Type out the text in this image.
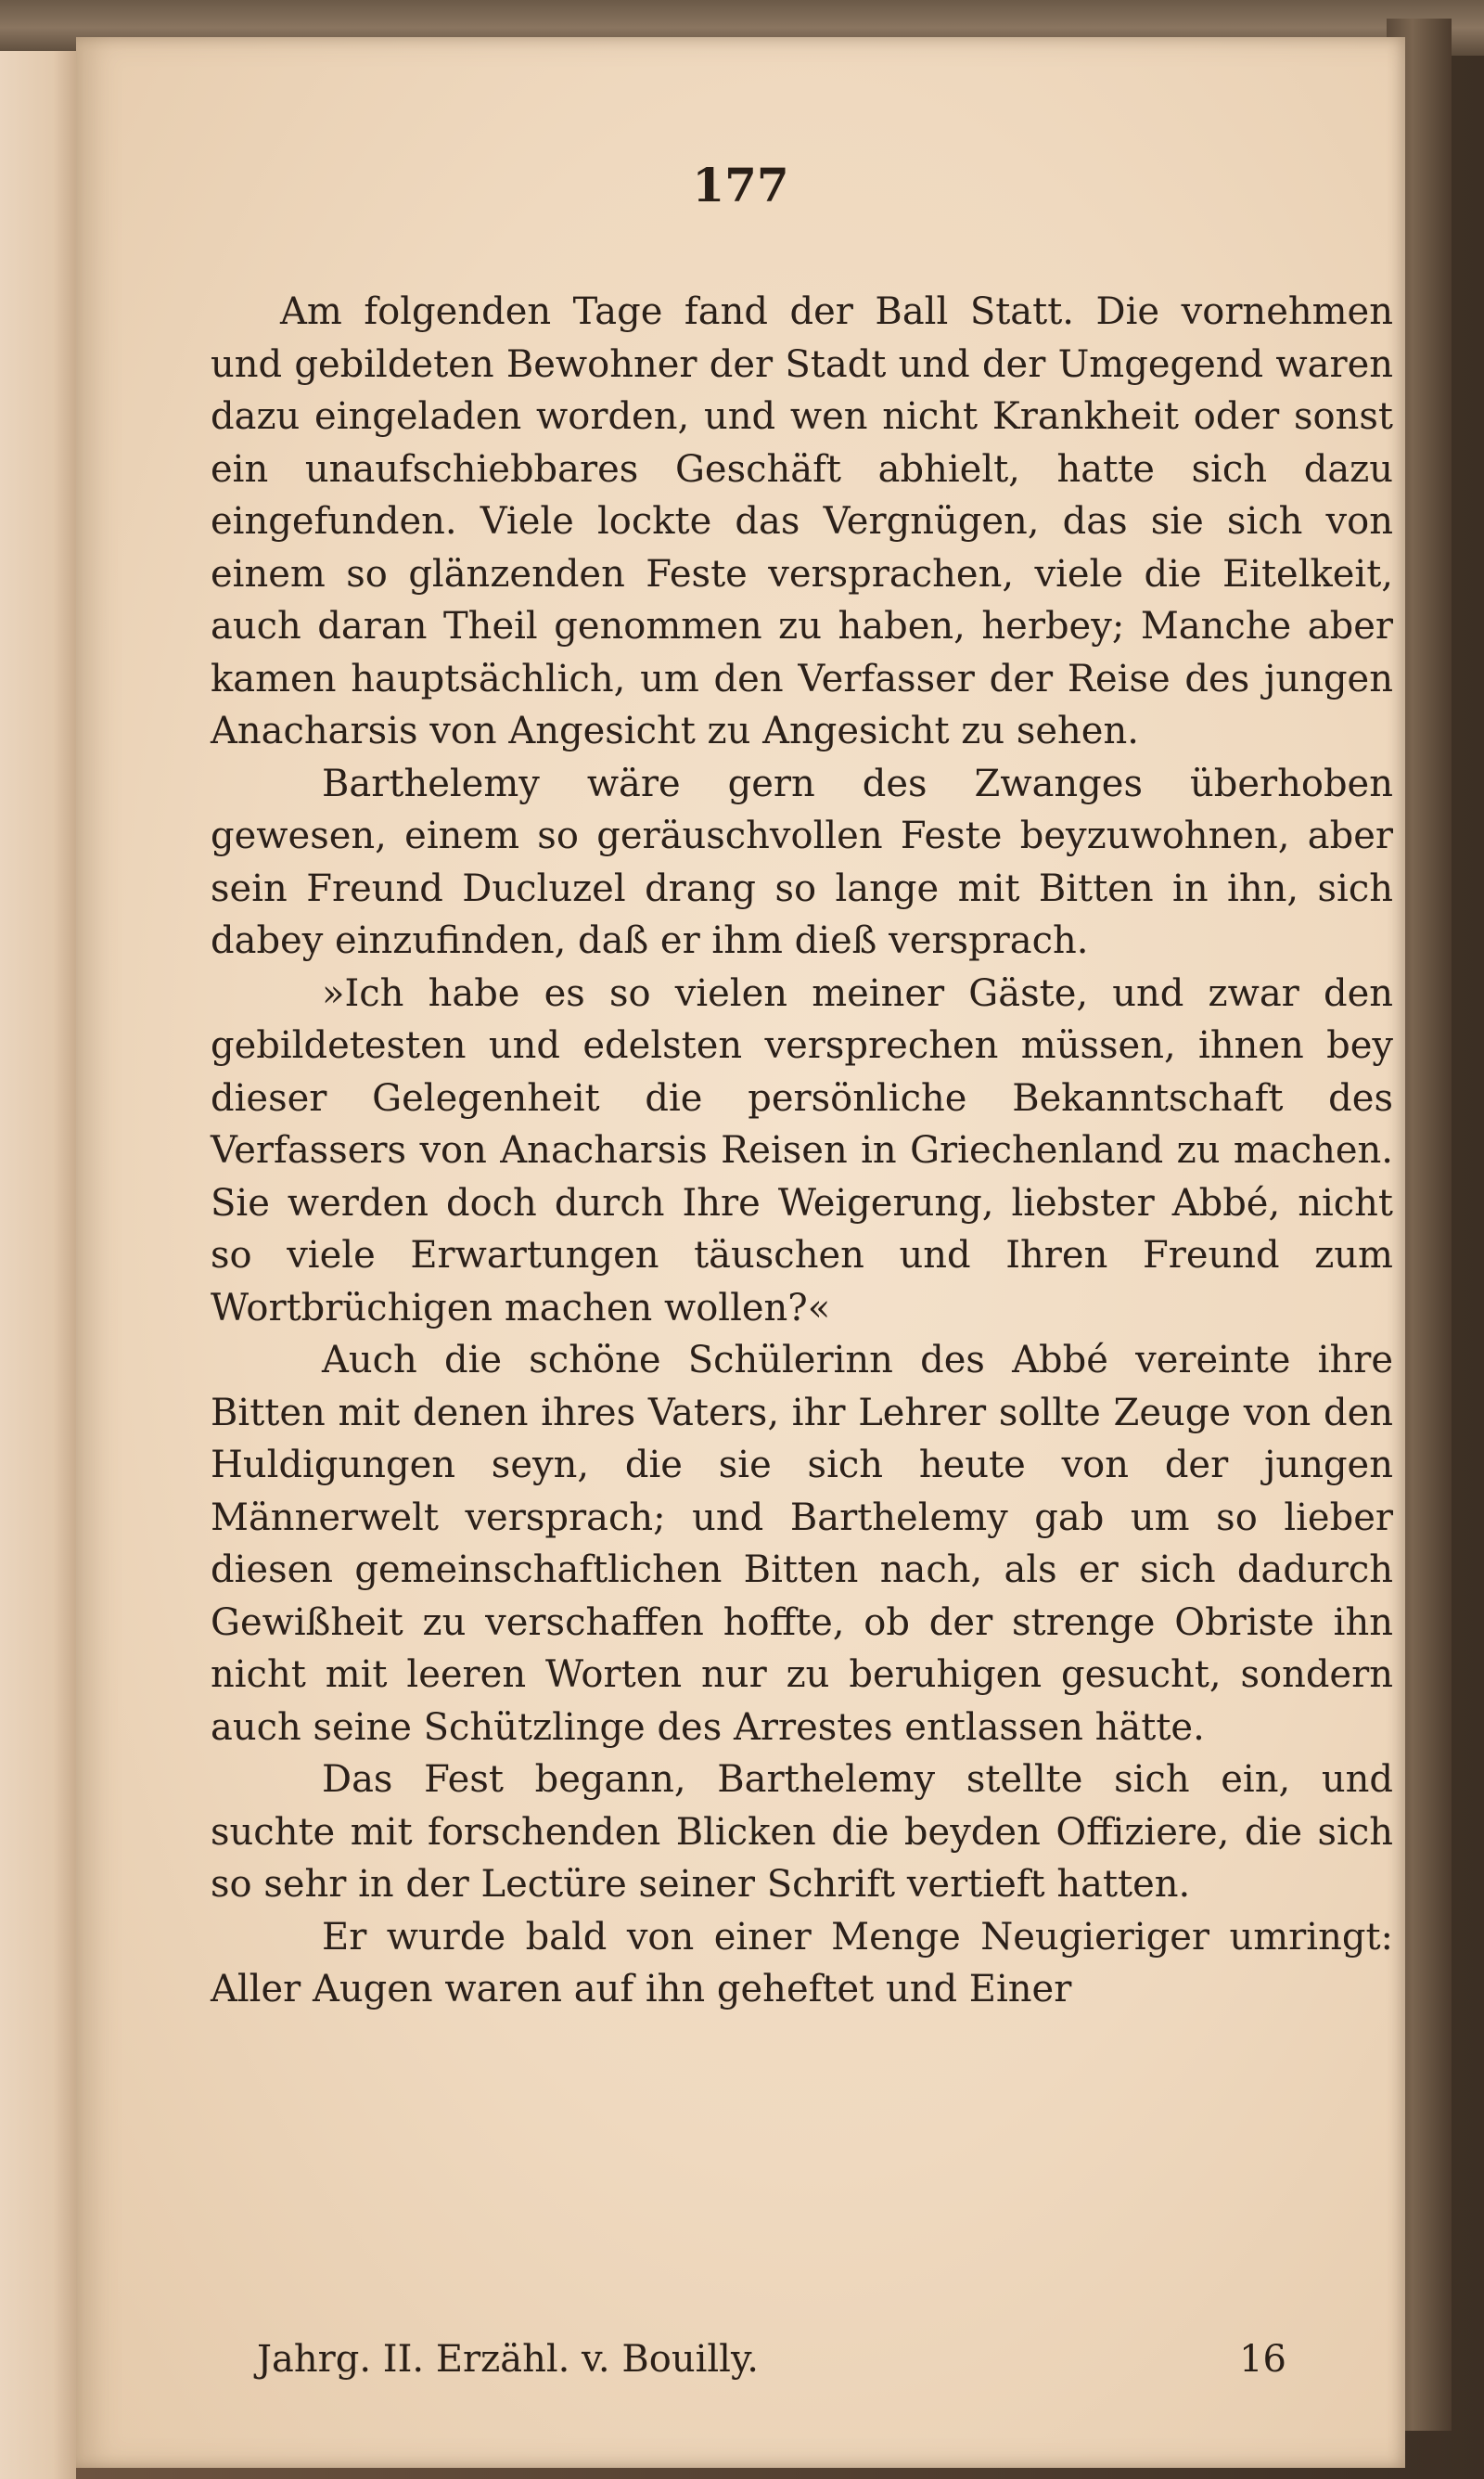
177

Am folgenden Tage fand der Ball Statt. Die vornehmen und gebildeten Bewohner der Stadt und der Umgegend waren dazu eingeladen worden, und wen nicht Krankheit oder sonst ein unaufschiebbares Geschäft abhielt, hatte sich dazu eingefunden. Viele lockte das Vergnügen, das sie sich von einem so glänzenden Feste versprachen, viele die Eitelkeit, auch daran Theil genommen zu haben, herbey; Manche aber kamen hauptsächlich, um den Verfasser der Reise des jungen Anacharsis von Angesicht zu Angesicht zu sehen.

Barthelemy wäre gern des Zwanges überhoben gewesen, einem so geräuschvollen Feste beyzuwohnen, aber sein Freund Ducluzel drang so lange mit Bitten in ihn, sich dabey einzufinden, daß er ihm dieß versprach.

»Ich habe es so vielen meiner Gäste, und zwar den gebildetesten und edelsten versprechen müssen, ihnen bey dieser Gelegenheit die persönliche Bekanntschaft des Verfassers von Anacharsis Reisen in Griechenland zu machen. Sie werden doch durch Ihre Weigerung, liebster Abbé, nicht so viele Erwartungen täuschen und Ihren Freund zum Wortbrüchigen machen wollen?«

Auch die schöne Schülerinn des Abbé vereinte ihre Bitten mit denen ihres Vaters, ihr Lehrer sollte Zeuge von den Huldigungen seyn, die sie sich heute von der jungen Männerwelt versprach; und Barthelemy gab um so lieber diesen gemeinschaftlichen Bitten nach, als er sich dadurch Gewißheit zu verschaffen hoffte, ob der strenge Obriste ihn nicht mit leeren Worten nur zu beruhigen gesucht, sondern auch seine Schützlinge des Arrestes entlassen hätte.

Das Fest begann, Barthelemy stellte sich ein, und suchte mit forschenden Blicken die beyden Offiziere, die sich so sehr in der Lectüre seiner Schrift vertieft hatten.

Er wurde bald von einer Menge Neugieriger umringt: Aller Augen waren auf ihn geheftet und Einer

Jahrg. II. Erzähl. v. Bouilly.	16
